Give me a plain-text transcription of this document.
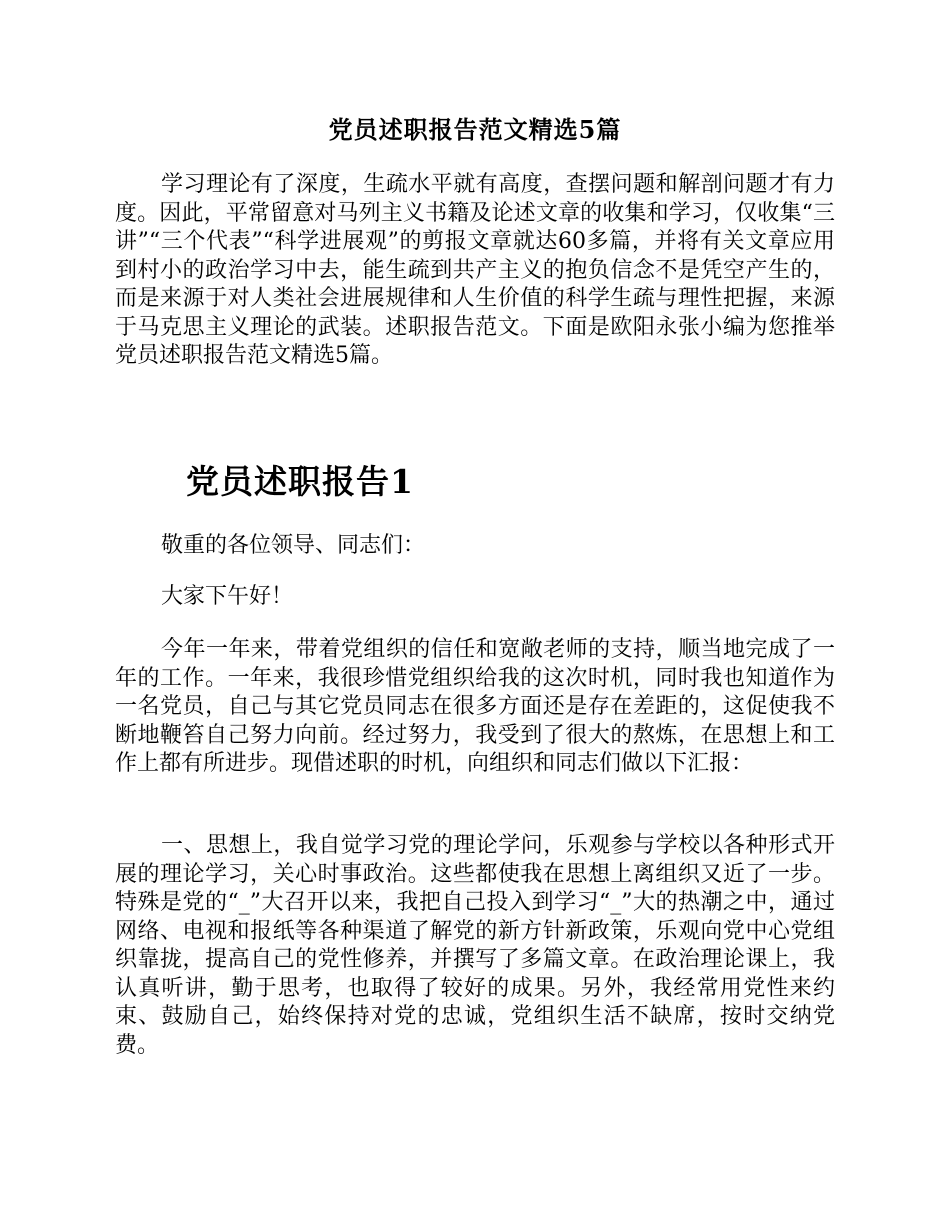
党员述职报告范文精选5篇

学习理论有了深度，生疏水平就有高度，查摆问题和解剖问题才有力度。因此，平常留意对马列主义书籍及论述文章的收集和学习，仅收集“三讲”“三个代表”“科学进展观”的剪报文章就达60多篇，并将有关文章应用到村小的政治学习中去，能生疏到共产主义的抱负信念不是凭空产生的，而是来源于对人类社会进展规律和人生价值的科学生疏与理性把握，来源于马克思主义理论的武装。述职报告范文。下面是欧阳永张小编为您推举党员述职报告范文精选5篇。

党员述职报告1

敬重的各位领导、同志们：

大家下午好！

今年一年来，带着党组织的信任和宽敞老师的支持，顺当地完成了一年的工作。一年来，我很珍惜党组织给我的这次时机，同时我也知道作为一名党员，自己与其它党员同志在很多方面还是存在差距的，这促使我不断地鞭笞自己努力向前。经过努力，我受到了很大的熬炼，在思想上和工作上都有所进步。现借述职的时机，向组织和同志们做以下汇报：

一、思想上，我自觉学习党的理论学问，乐观参与学校以各种形式开展的理论学习，关心时事政治。这些都使我在思想上离组织又近了一步。特殊是党的“_”大召开以来，我把自己投入到学习“_”大的热潮之中，通过网络、电视和报纸等各种渠道了解党的新方针新政策，乐观向党中心党组织靠拢，提高自己的党性修养，并撰写了多篇文章。在政治理论课上，我认真听讲，勤于思考，也取得了较好的成果。另外，我经常用党性来约束、鼓励自己，始终保持对党的忠诚，党组织生活不缺席，按时交纳党费。
